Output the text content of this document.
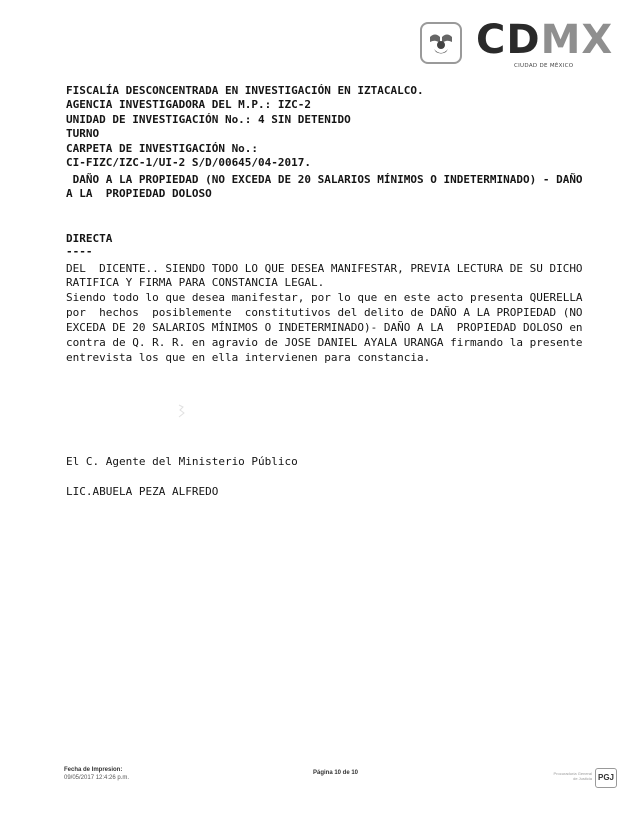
CDMX
CIUDAD DE MÉXICO
FISCALÍA DESCONCENTRADA EN INVESTIGACIÓN EN IZTACALCO.
AGENCIA INVESTIGADORA DEL M.P.: IZC-2
UNIDAD DE INVESTIGACIÓN No.: 4 SIN DETENIDO
TURNO
CARPETA DE INVESTIGACIÓN No.:
CI-FIZC/IZC-1/UI-2 S/D/00645/04-2017.
DAÑO A LA PROPIEDAD (NO EXCEDA DE 20 SALARIOS MÍNIMOS O INDETERMINADO) - DAÑO
A LA  PROPIEDAD DOLOSO
DIRECTA
----
DEL  DICENTE.. SIENDO TODO LO QUE DESEA MANIFESTAR, PREVIA LECTURA DE SU DICHO
RATIFICA Y FIRMA PARA CONSTANCIA LEGAL.
Siendo todo lo que desea manifestar, por lo que en este acto presenta QUERELLA
por  hechos  posiblemente  constitutivos del delito de DAÑO A LA PROPIEDAD (NO
EXCEDA DE 20 SALARIOS MÍNIMOS O INDETERMINADO)- DAÑO A LA  PROPIEDAD DOLOSO en
contra de Q. R. R. en agravio de JOSE DANIEL AYALA URANGA firmando la presente
entrevista los que en ella intervienen para constancia.
El C. Agente del Ministerio Público
LIC.ABUELA PEZA ALFREDO
Fecha de Impresion:
09/05/2017 12:4:26 p.m.
Página 10 de 10	Procuraduría General de Justicia PGJ
